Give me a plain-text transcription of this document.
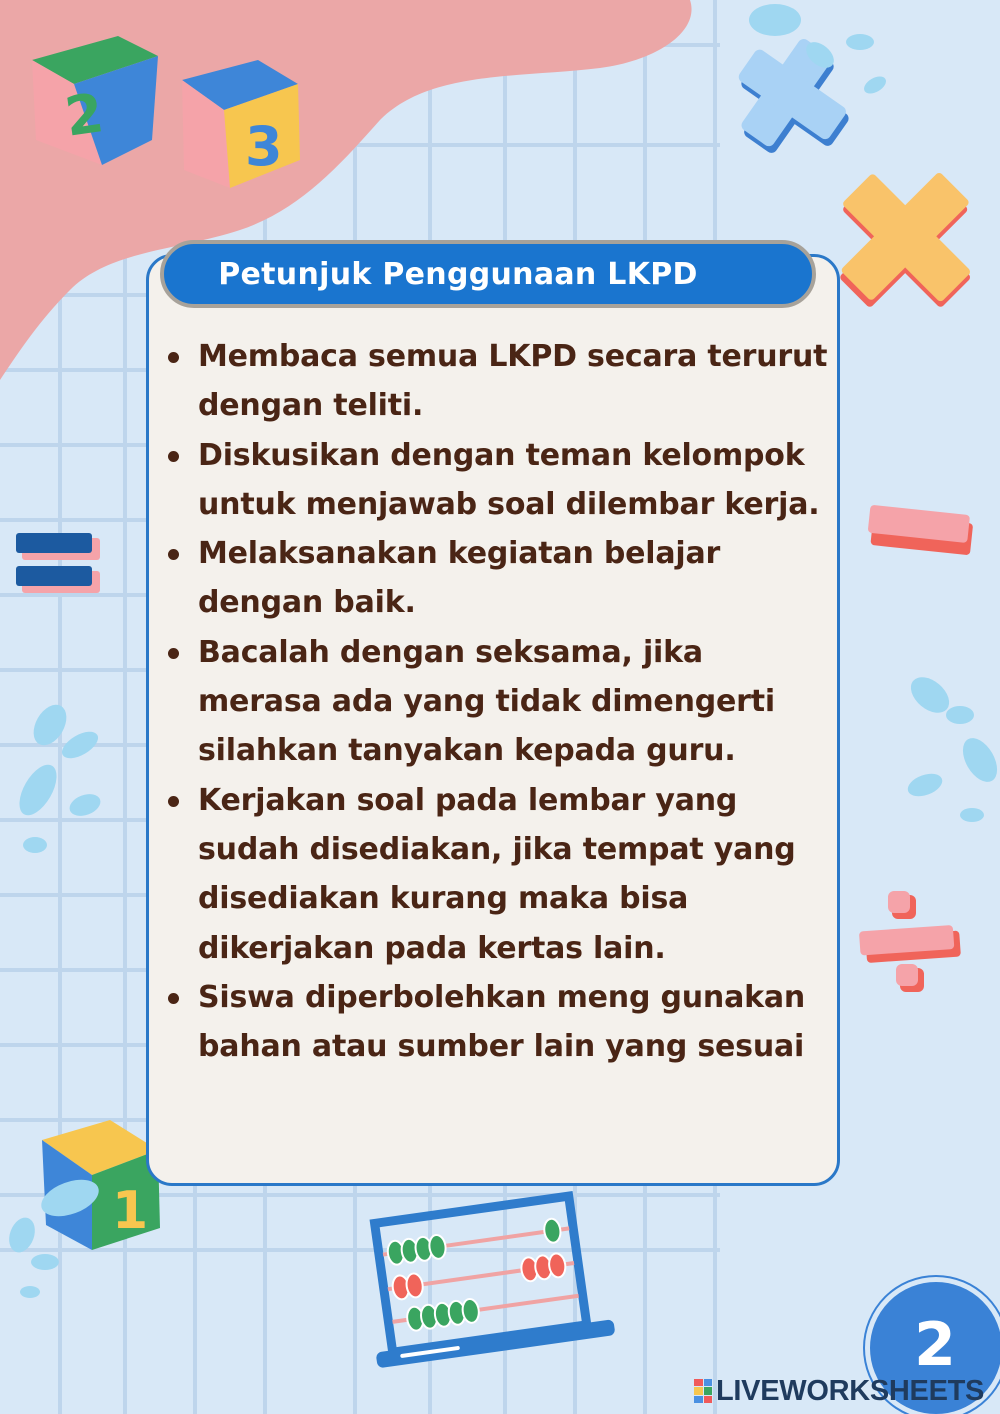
2	3
1
Petunjuk Penggunaan LKPD
Membaca semua LKPD secara terurut dengan teliti.
Diskusikan dengan teman kelompok untuk menjawab soal dilembar kerja.
Melaksanakan kegiatan belajar dengan baik.
Bacalah dengan seksama, jika merasa ada yang tidak dimengerti silahkan tanyakan kepada guru.
Kerjakan soal pada lembar yang sudah disediakan, jika tempat yang disediakan kurang maka bisa dikerjakan pada kertas lain.
Siswa diperbolehkan meng gunakan bahan atau sumber lain yang sesuai
2
LIVEWORKSHEETS
